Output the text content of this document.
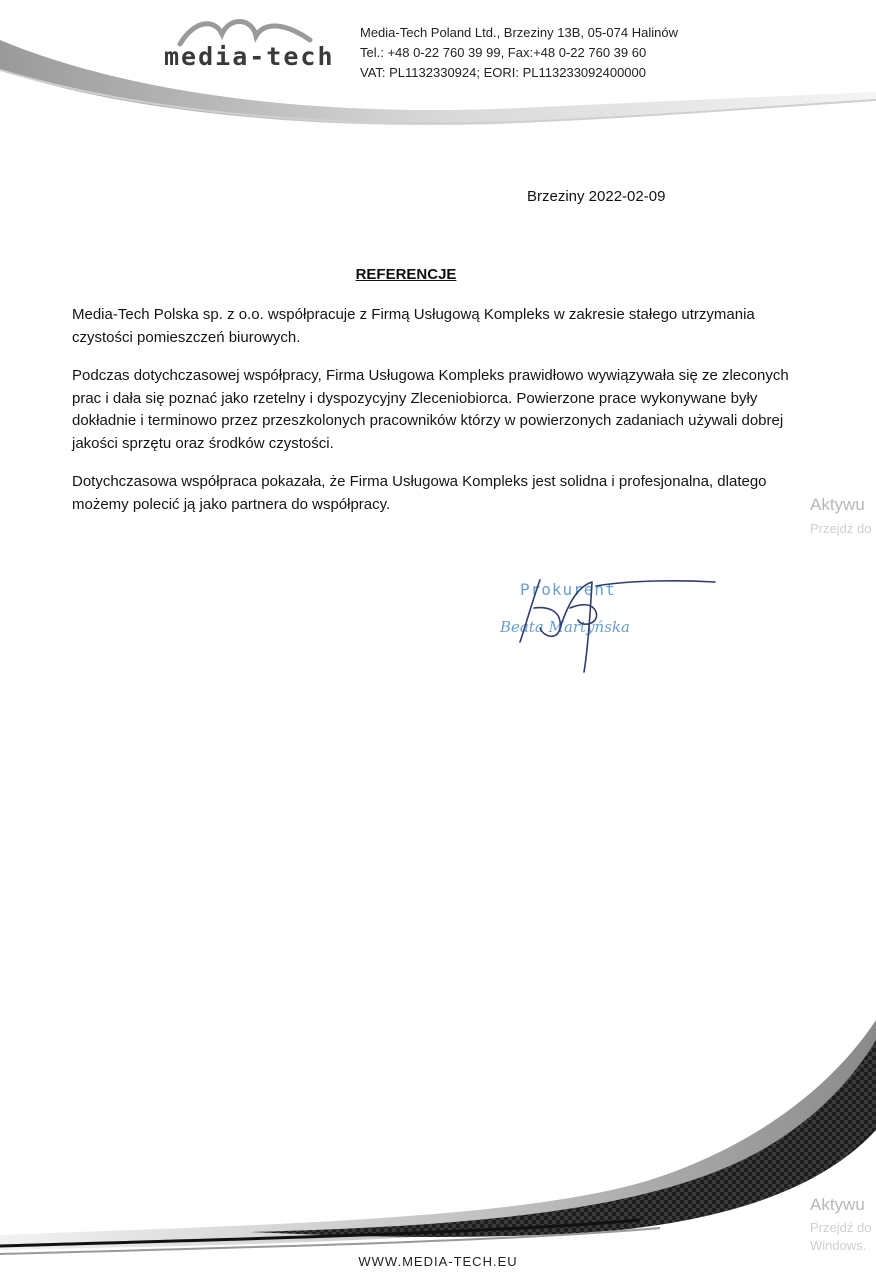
media-tech
Media-Tech Poland Ltd., Brzeziny 13B, 05-074 Halinów
Tel.: +48 0-22 760 39 99, Fax:+48 0-22 760 39 60
VAT: PL1132330924; EORI: PL113233092400000
Brzeziny 2022-02-09
REFERENCJE

Media-Tech Polska sp. z o.o. współpracuje z Firmą Usługową Kompleks w zakresie stałego utrzymania czystości pomieszczeń biurowych.

Podczas dotychczasowej współpracy, Firma Usługowa Kompleks prawidłowo wywiązywała się ze zleconych prac i dała się poznać jako rzetelny i dyspozycyjny Zleceniobiorca. Powierzone prace wykonywane były dokładnie i terminowo przez przeszkolonych pracowników którzy w powierzonych zadaniach używali dobrej jakości sprzętu oraz środków czystości.

Dotychczasowa współpraca pokazała, że Firma Usługowa Kompleks jest solidna i profesjonalna, dlatego możemy polecić ją jako partnera do współpracy.	Aktywu
Przejdź do
Prokurent
Beata Martyńska
Aktywu
Przejdź do
Windows.
WWW.MEDIA-TECH.EU
